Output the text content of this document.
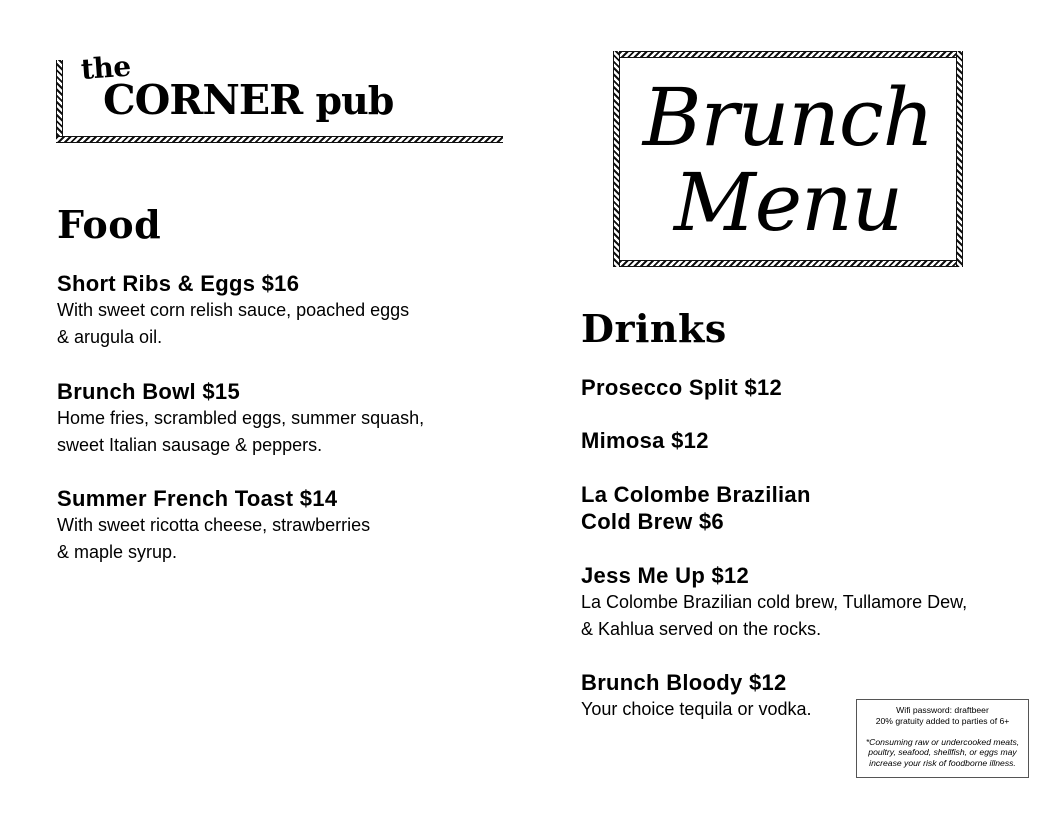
the
CORNER pub
Food
Short Ribs & Eggs $16
With sweet corn relish sauce, poached eggs
& arugula oil.
Brunch Bowl $15
Home fries, scrambled eggs, summer squash,
sweet Italian sausage & peppers.
Summer French Toast $14
With sweet ricotta cheese, strawberries
& maple syrup.
Brunch
Menu
Drinks
Prosecco Split $12
Mimosa $12
La Colombe Brazilian
Cold Brew $6
Jess Me Up $12
La Colombe Brazilian cold brew, Tullamore Dew,
& Kahlua served on the rocks.
Brunch Bloody $12
Your choice tequila or vodka.	Wifi password: draftbeer
20% gratuity added to parties of 6+
*Consuming raw or undercooked meats,
poultry, seafood, shellfish, or eggs may
increase your risk of foodborne illness.
